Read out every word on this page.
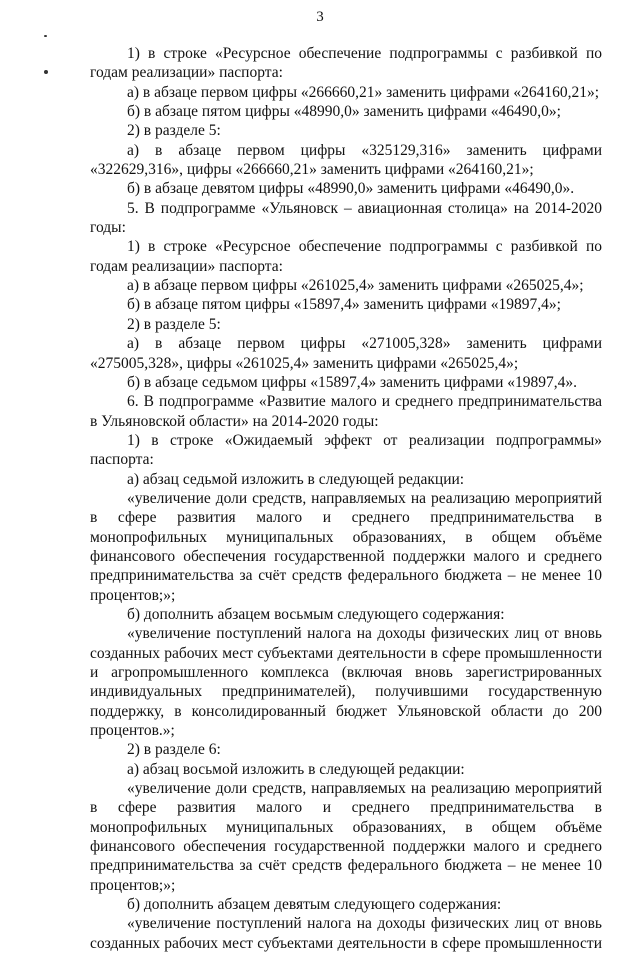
3

1) в строке «Ресурсное обеспечение подпрограммы с разбивкой по годам реализации» паспорта:

а) в абзаце первом цифры «266660,21» заменить цифрами «264160,21»;

б) в абзаце пятом цифры «48990,0» заменить цифрами «46490,0»;

2) в разделе 5:

а) в абзаце первом цифры «325129,316» заменить цифрами «322629,316», цифры «266660,21» заменить цифрами «264160,21»;

б) в абзаце девятом цифры «48990,0» заменить цифрами «46490,0».

5. В подпрограмме «Ульяновск – авиационная столица» на 2014-2020 годы:

1) в строке «Ресурсное обеспечение подпрограммы с разбивкой по годам реализации» паспорта:

а) в абзаце первом цифры «261025,4» заменить цифрами «265025,4»;

б) в абзаце пятом цифры «15897,4» заменить цифрами «19897,4»;

2) в разделе 5:

а) в абзаце первом цифры «271005,328» заменить цифрами «275005,328», цифры «261025,4» заменить цифрами «265025,4»;

б) в абзаце седьмом цифры «15897,4» заменить цифрами «19897,4».

6. В подпрограмме «Развитие малого и среднего предпринимательства в Ульяновской области» на 2014-2020 годы:

1) в строке «Ожидаемый эффект от реализации подпрограммы» паспорта:

а) абзац седьмой изложить в следующей редакции:

«увеличение доли средств, направляемых на реализацию мероприятий в сфере развития малого и среднего предпринимательства в монопрофильных муниципальных образованиях, в общем объёме финансового обеспечения государственной поддержки малого и среднего предпринимательства за счёт средств федерального бюджета – не менее 10 процентов;»;

б) дополнить абзацем восьмым следующего содержания:

«увеличение поступлений налога на доходы физических лиц от вновь созданных рабочих мест субъектами деятельности в сфере промышленности и агропромышленного комплекса (включая вновь зарегистрированных индивидуальных предпринимателей), получившими государственную поддержку, в консолидированный бюджет Ульяновской области до 200 процентов.»;

2) в разделе 6:

а) абзац восьмой изложить в следующей редакции:

«увеличение доли средств, направляемых на реализацию мероприятий в сфере развития малого и среднего предпринимательства в монопрофильных муниципальных образованиях, в общем объёме финансового обеспечения государственной поддержки малого и среднего предпринимательства за счёт средств федерального бюджета – не менее 10 процентов;»;

б) дополнить абзацем девятым следующего содержания:

«увеличение поступлений налога на доходы физических лиц от вновь созданных рабочих мест субъектами деятельности в сфере промышленности
